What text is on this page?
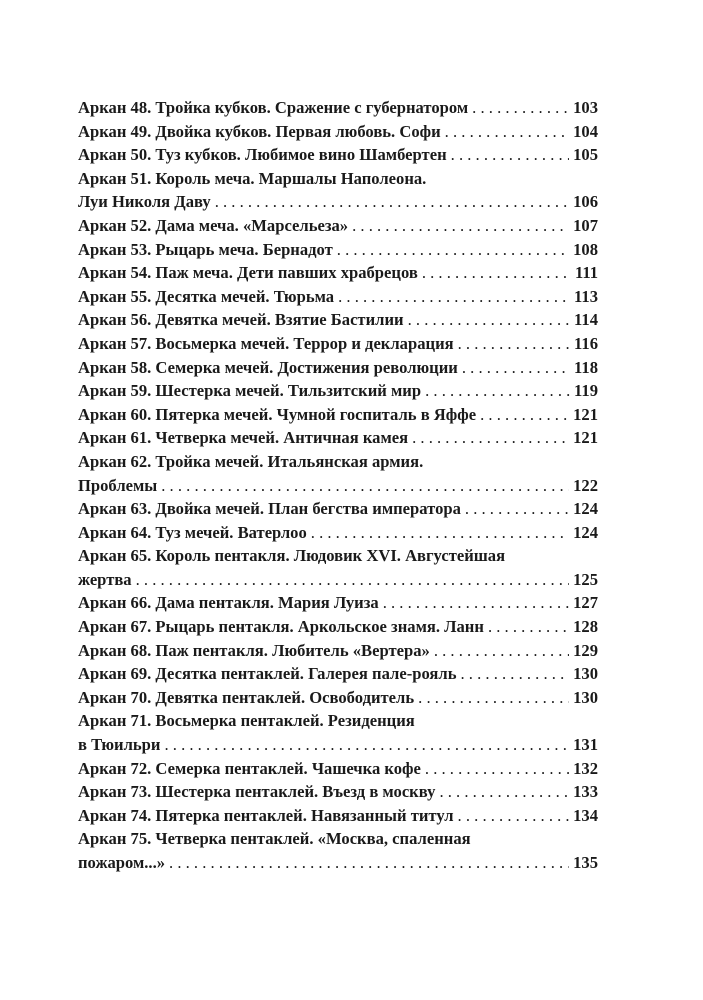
Аркан 48. Тройка кубков. Сражение с губернатором . . .	103
Аркан 49. Двойка кубков. Первая любовь. Софи . . .	104
Аркан 50. Туз кубков. Любимое вино Шамбертен . . .	105
Аркан 51. Король меча. Маршалы Наполеона.
Луи Николя Даву . . .	106
Аркан 52. Дама меча. «Марсельеза» . . .	107
Аркан 53. Рыцарь меча. Бернадот . . .	108
Аркан 54. Паж меча. Дети павших храбрецов . . .	111
Аркан 55. Десятка мечей. Тюрьма . . .	113
Аркан 56. Девятка мечей. Взятие Бастилии . . .	114
Аркан 57. Восьмерка мечей. Террор и декларация . . .	116
Аркан 58. Семерка мечей. Достижения революции . . .	118
Аркан 59. Шестерка мечей. Тильзитский мир . . .	119
Аркан 60. Пятерка мечей. Чумной госпиталь в Яффе . . .	121
Аркан 61. Четверка мечей. Античная камея . . .	121
Аркан 62. Тройка мечей. Итальянская армия.
Проблемы . . .	122
Аркан 63. Двойка мечей. План бегства императора . . .	124
Аркан 64. Туз мечей. Ватерлоо . . .	124
Аркан 65. Король пентакля. Людовик XVI. Августейшая
жертва . . .	125
Аркан 66. Дама пентакля. Мария Луиза . . .	127
Аркан 67. Рыцарь пентакля. Аркольское знамя. Ланн . . .	128
Аркан 68. Паж пентакля. Любитель «Вертера» . . .	129
Аркан 69. Десятка пентаклей. Галерея пале-рояль . . .	130
Аркан 70. Девятка пентаклей. Освободитель . . .	130
Аркан 71. Восьмерка пентаклей. Резиденция
в Тюильри . . .	131
Аркан 72. Семерка пентаклей. Чашечка кофе . . .	132
Аркан 73. Шестерка пентаклей. Въезд в москву . . .	133
Аркан 74. Пятерка пентаклей. Навязанный титул . . .	134
Аркан 75. Четверка пентаклей. «Москва, спаленная
пожаром...» . . .	135
